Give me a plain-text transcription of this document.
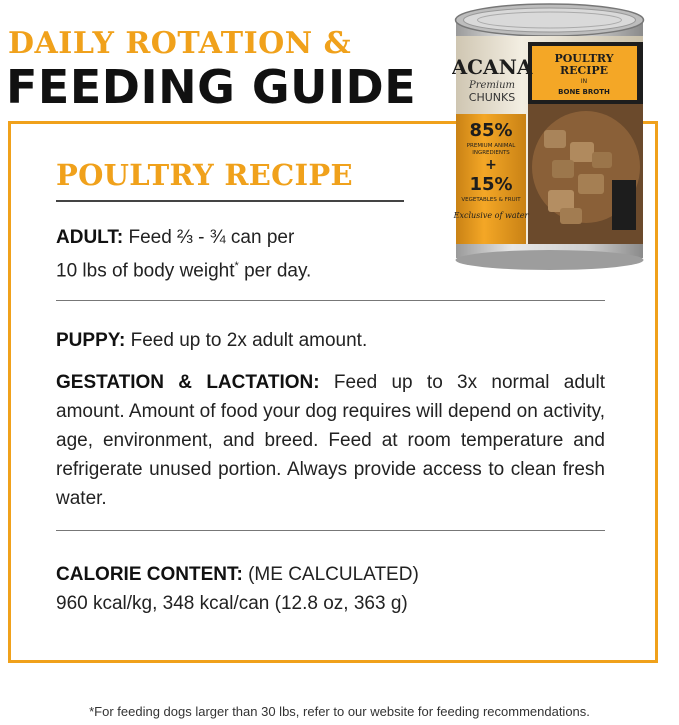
DAILY ROTATION &
FEEDING GUIDE ACANA
Premium
CHUNKS
POULTRY
RECIPE
IN
BONE BROTH
85%
PREMIUM ANIMAL
INGREDIENTS
+
15%
VEGETABLES & FRUIT
Exclusive of water
POULTRY RECIPE
ADULT: Feed ⅔ - ¾ can per
10 lbs of body weight* per day.
PUPPY: Feed up to 2x adult amount.
GESTATION & LACTATION: Feed up to 3x normal adult amount. Amount of food your dog requires will depend on activity, age, environment, and breed. Feed at room temperature and refrigerate unused portion. Always provide access to clean fresh water.
CALORIE CONTENT: (ME CALCULATED)
960 kcal/kg, 348 kcal/can (12.8 oz, 363 g)
*For feeding dogs larger than 30 lbs, refer to our website for feeding recommendations.
